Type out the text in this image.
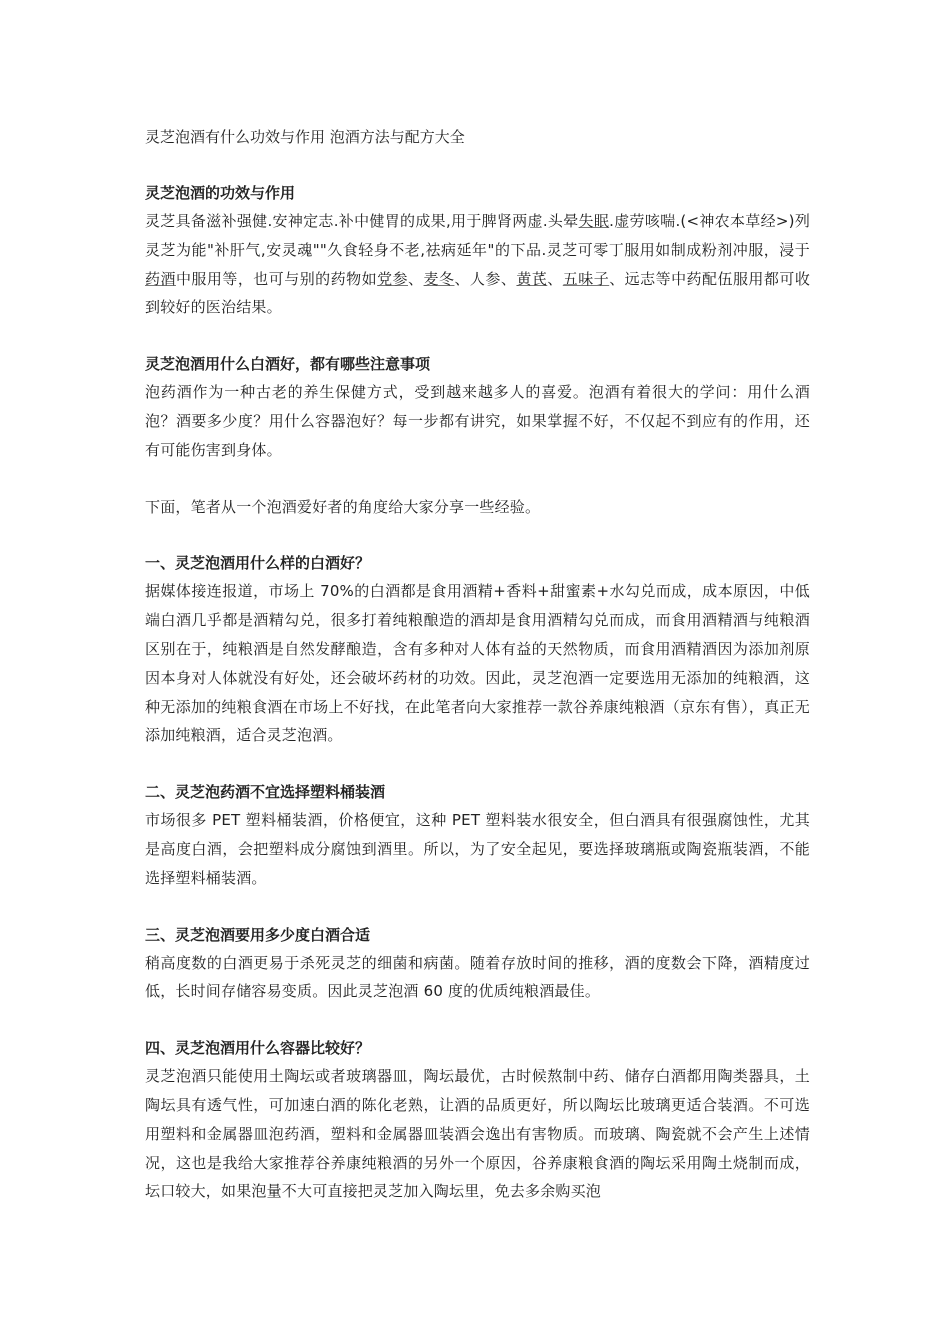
灵芝泡酒有什么功效与作用 泡酒方法与配方大全

灵芝泡酒的功效与作用

灵芝具备滋补强健.安神定志.补中健胃的成果,用于脾肾两虚.头晕失眠.虚劳咳喘.(<神农本草经>)列灵芝为能"补肝气,安灵魂""久食轻身不老,祛病延年"的下品.灵芝可零丁服用如制成粉剂冲服，浸于药酒中服用等，也可与别的药物如党参、麦冬、人参、黄芪、五味子、远志等中药配伍服用都可收到较好的医治结果。

灵芝泡酒用什么白酒好，都有哪些注意事项

泡药酒作为一种古老的养生保健方式，受到越来越多人的喜爱。泡酒有着很大的学问：用什么酒泡？酒要多少度？用什么容器泡好？每一步都有讲究，如果掌握不好，不仅起不到应有的作用，还有可能伤害到身体。

下面，笔者从一个泡酒爱好者的角度给大家分享一些经验。

一、灵芝泡酒用什么样的白酒好？

据媒体接连报道，市场上 70%的白酒都是食用酒精+香料+甜蜜素+水勾兑而成，成本原因，中低端白酒几乎都是酒精勾兑，很多打着纯粮酿造的酒却是食用酒精勾兑而成，而食用酒精酒与纯粮酒区别在于，纯粮酒是自然发酵酿造，含有多种对人体有益的天然物质，而食用酒精酒因为添加剂原因本身对人体就没有好处，还会破坏药材的功效。因此，灵芝泡酒一定要选用无添加的纯粮酒，这种无添加的纯粮食酒在市场上不好找，在此笔者向大家推荐一款谷养康纯粮酒（京东有售），真正无添加纯粮酒，适合灵芝泡酒。

二、灵芝泡药酒不宜选择塑料桶装酒

市场很多 PET 塑料桶装酒，价格便宜，这种 PET 塑料装水很安全，但白酒具有很强腐蚀性，尤其是高度白酒，会把塑料成分腐蚀到酒里。所以，为了安全起见，要选择玻璃瓶或陶瓷瓶装酒，不能选择塑料桶装酒。

三、灵芝泡酒要用多少度白酒合适

稍高度数的白酒更易于杀死灵芝的细菌和病菌。随着存放时间的推移，酒的度数会下降，酒精度过低，长时间存储容易变质。因此灵芝泡酒 60 度的优质纯粮酒最佳。

四、灵芝泡酒用什么容器比较好？

灵芝泡酒只能使用土陶坛或者玻璃器皿，陶坛最优，古时候熬制中药、储存白酒都用陶类器具，土陶坛具有透气性，可加速白酒的陈化老熟，让酒的品质更好，所以陶坛比玻璃更适合装酒。不可选用塑料和金属器皿泡药酒，塑料和金属器皿装酒会逸出有害物质。而玻璃、陶瓷就不会产生上述情况，这也是我给大家推荐谷养康纯粮酒的另外一个原因，谷养康粮食酒的陶坛采用陶土烧制而成，坛口较大，如果泡量不大可直接把灵芝加入陶坛里，免去多余购买泡
